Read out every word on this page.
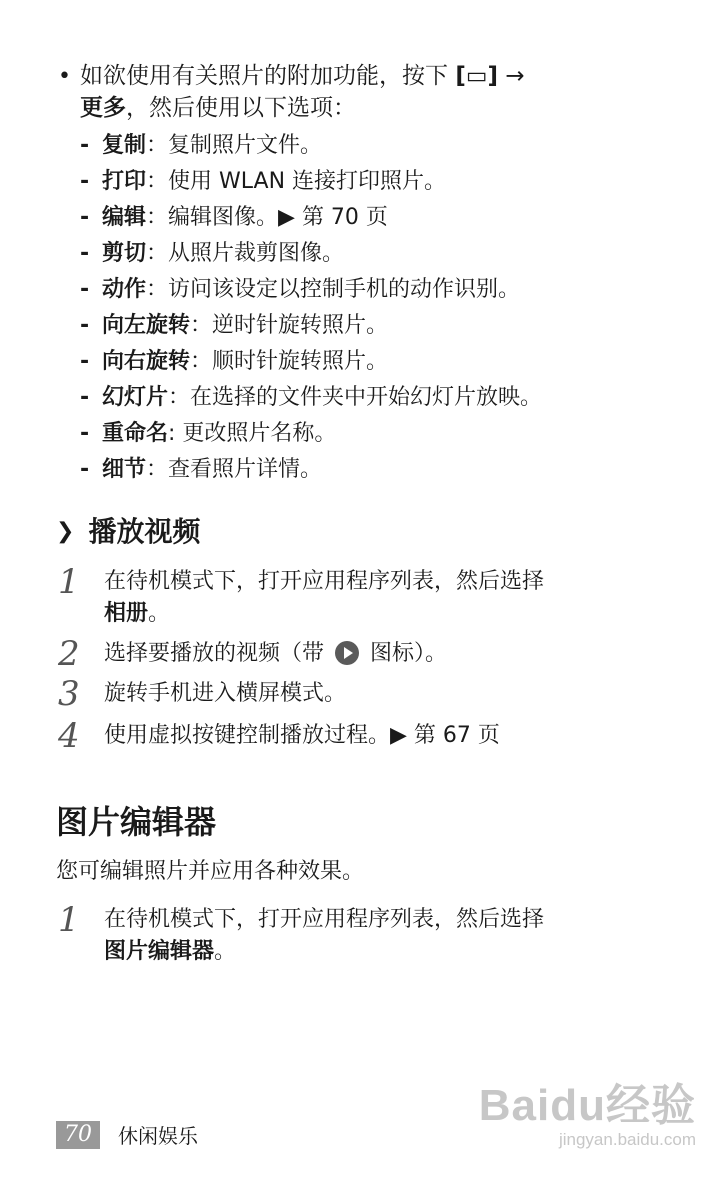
• 如欲使用有关照片的附加功能，按下 [▭] →
更多，然后使用以下选项：
- 复制：复制照片文件。
- 打印：使用 WLAN 连接打印照片。
- 编辑：编辑图像。▶ 第 70 页
- 剪切：从照片裁剪图像。
- 动作：访问该设定以控制手机的动作识别。
- 向左旋转：逆时针旋转照片。
- 向右旋转：顺时针旋转照片。
- 幻灯片：在选择的文件夹中开始幻灯片放映。
- 重命名: 更改照片名称。
- 细节：查看照片详情。
❯ 播放视频
1 在待机模式下，打开应用程序列表，然后选择
相册。
2 选择要播放的视频（带  图标）。
3 旋转手机进入横屏模式。
4 使用虚拟按键控制播放过程。▶ 第 67 页
图片编辑器
您可编辑照片并应用各种效果。
1 在待机模式下，打开应用程序列表，然后选择
图片编辑器。
70	休闲娱乐
Baidu经验
jingyan.baidu.com
